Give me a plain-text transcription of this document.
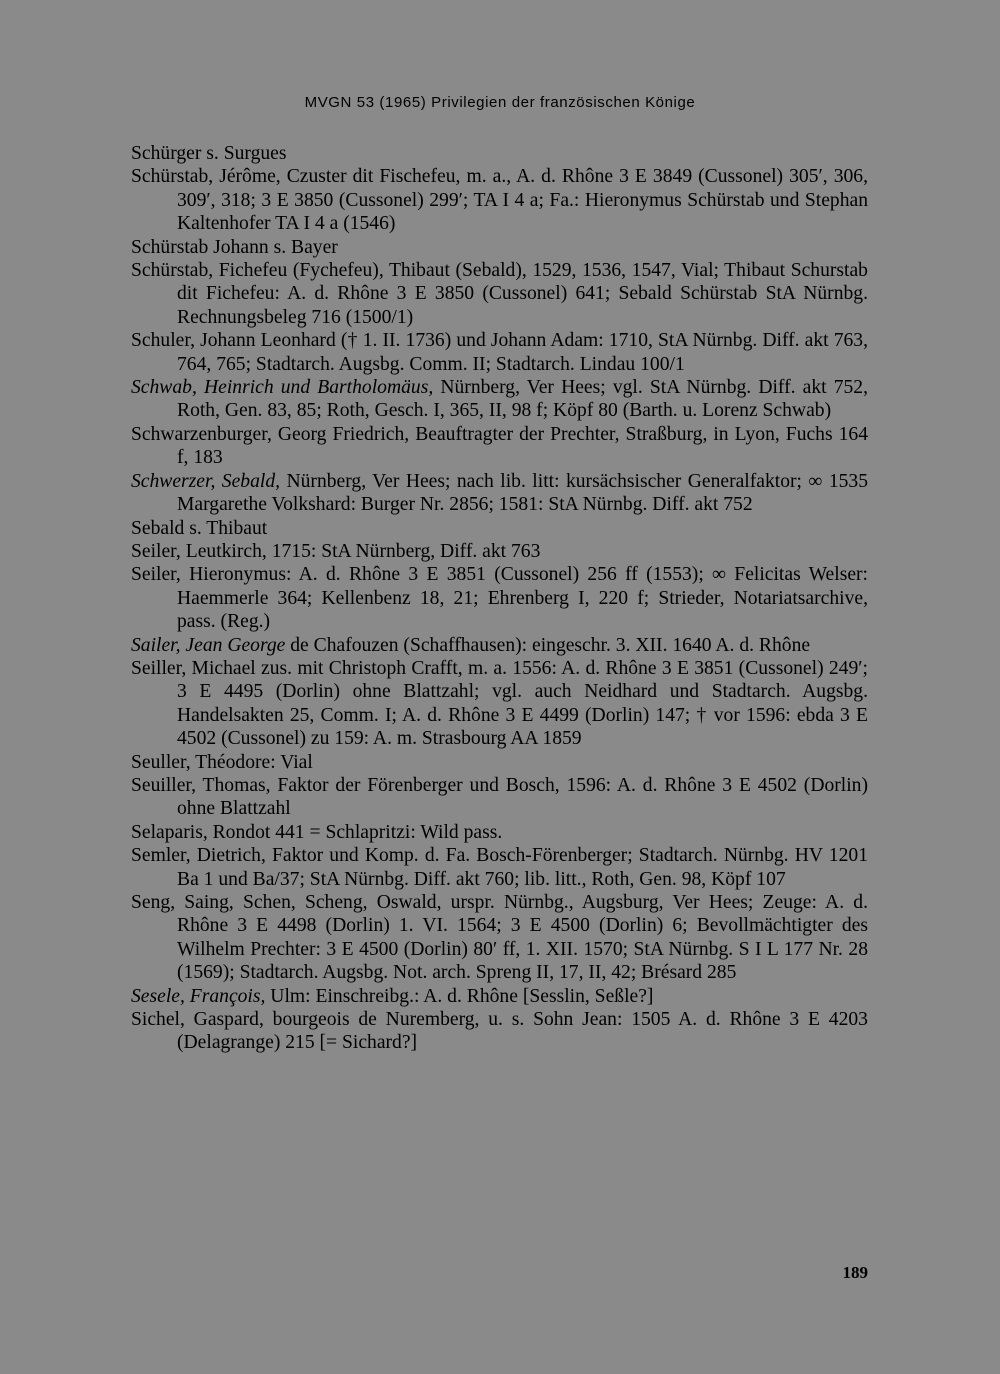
MVGN 53 (1965) Privilegien der französischen Könige

Schürger s. Surgues

Schürstab, Jérôme, Czuster dit Fischefeu, m. a., A. d. Rhône 3 E 3849 (Cussonel) 305′, 306, 309′, 318; 3 E 3850 (Cussonel) 299′; TA I 4 a; Fa.: Hieronymus Schürstab und Stephan Kaltenhofer TA I 4 a (1546)

Schürstab Johann s. Bayer

Schürstab, Fichefeu (Fychefeu), Thibaut (Sebald), 1529, 1536, 1547, Vial; Thibaut Schurstab dit Fichefeu: A. d. Rhône 3 E 3850 (Cussonel) 641; Sebald Schürstab StA Nürnbg. Rechnungsbeleg 716 (1500/1)

Schuler, Johann Leonhard († 1. II. 1736) und Johann Adam: 1710, StA Nürnbg. Diff. akt 763, 764, 765; Stadtarch. Augsbg. Comm. II; Stadtarch. Lindau 100/1

Schwab, Heinrich und Bartholomäus, Nürnberg, Ver Hees; vgl. StA Nürnbg. Diff. akt 752, Roth, Gen. 83, 85; Roth, Gesch. I, 365, II, 98 f; Köpf 80 (Barth. u. Lorenz Schwab)

Schwarzenburger, Georg Friedrich, Beauftragter der Prechter, Straßburg, in Lyon, Fuchs 164 f, 183

Schwerzer, Sebald, Nürnberg, Ver Hees; nach lib. litt: kursächsischer Generalfaktor; ∞ 1535 Margarethe Volkshard: Burger Nr. 2856; 1581: StA Nürnbg. Diff. akt 752

Sebald s. Thibaut

Seiler, Leutkirch, 1715: StA Nürnberg, Diff. akt 763

Seiler, Hieronymus: A. d. Rhône 3 E 3851 (Cussonel) 256 ff (1553); ∞ Felicitas Welser: Haemmerle 364; Kellenbenz 18, 21; Ehrenberg I, 220 f; Strieder, Notariatsarchive, pass. (Reg.)

Sailer, Jean George de Chafouzen (Schaffhausen): eingeschr. 3. XII. 1640 A. d. Rhône

Seiller, Michael zus. mit Christoph Crafft, m. a. 1556: A. d. Rhône 3 E 3851 (Cussonel) 249′; 3 E 4495 (Dorlin) ohne Blattzahl; vgl. auch Neidhard und Stadtarch. Augsbg. Handelsakten 25, Comm. I; A. d. Rhône 3 E 4499 (Dorlin) 147; † vor 1596: ebda 3 E 4502 (Cussonel) zu 159: A. m. Strasbourg AA 1859

Seuller, Théodore: Vial

Seuiller, Thomas, Faktor der Förenberger und Bosch, 1596: A. d. Rhône 3 E 4502 (Dorlin) ohne Blattzahl

Selaparis, Rondot 441 = Schlapritzi: Wild pass.

Semler, Dietrich, Faktor und Komp. d. Fa. Bosch-Förenberger; Stadtarch. Nürnbg. HV 1201 Ba 1 und Ba/37; StA Nürnbg. Diff. akt 760; lib. litt., Roth, Gen. 98, Köpf 107

Seng, Saing, Schen, Scheng, Oswald, urspr. Nürnbg., Augsburg, Ver Hees; Zeuge: A. d. Rhône 3 E 4498 (Dorlin) 1. VI. 1564; 3 E 4500 (Dorlin) 6; Bevollmächtigter des Wilhelm Prechter: 3 E 4500 (Dorlin) 80′ ff, 1. XII. 1570; StA Nürnbg. S I L 177 Nr. 28 (1569); Stadtarch. Augsbg. Not. arch. Spreng II, 17, II, 42; Brésard 285

Sesele, François, Ulm: Einschreibg.: A. d. Rhône [Sesslin, Seßle?]

Sichel, Gaspard, bourgeois de Nuremberg, u. s. Sohn Jean: 1505 A. d. Rhône 3 E 4203 (Delagrange) 215 [= Sichard?]

189
